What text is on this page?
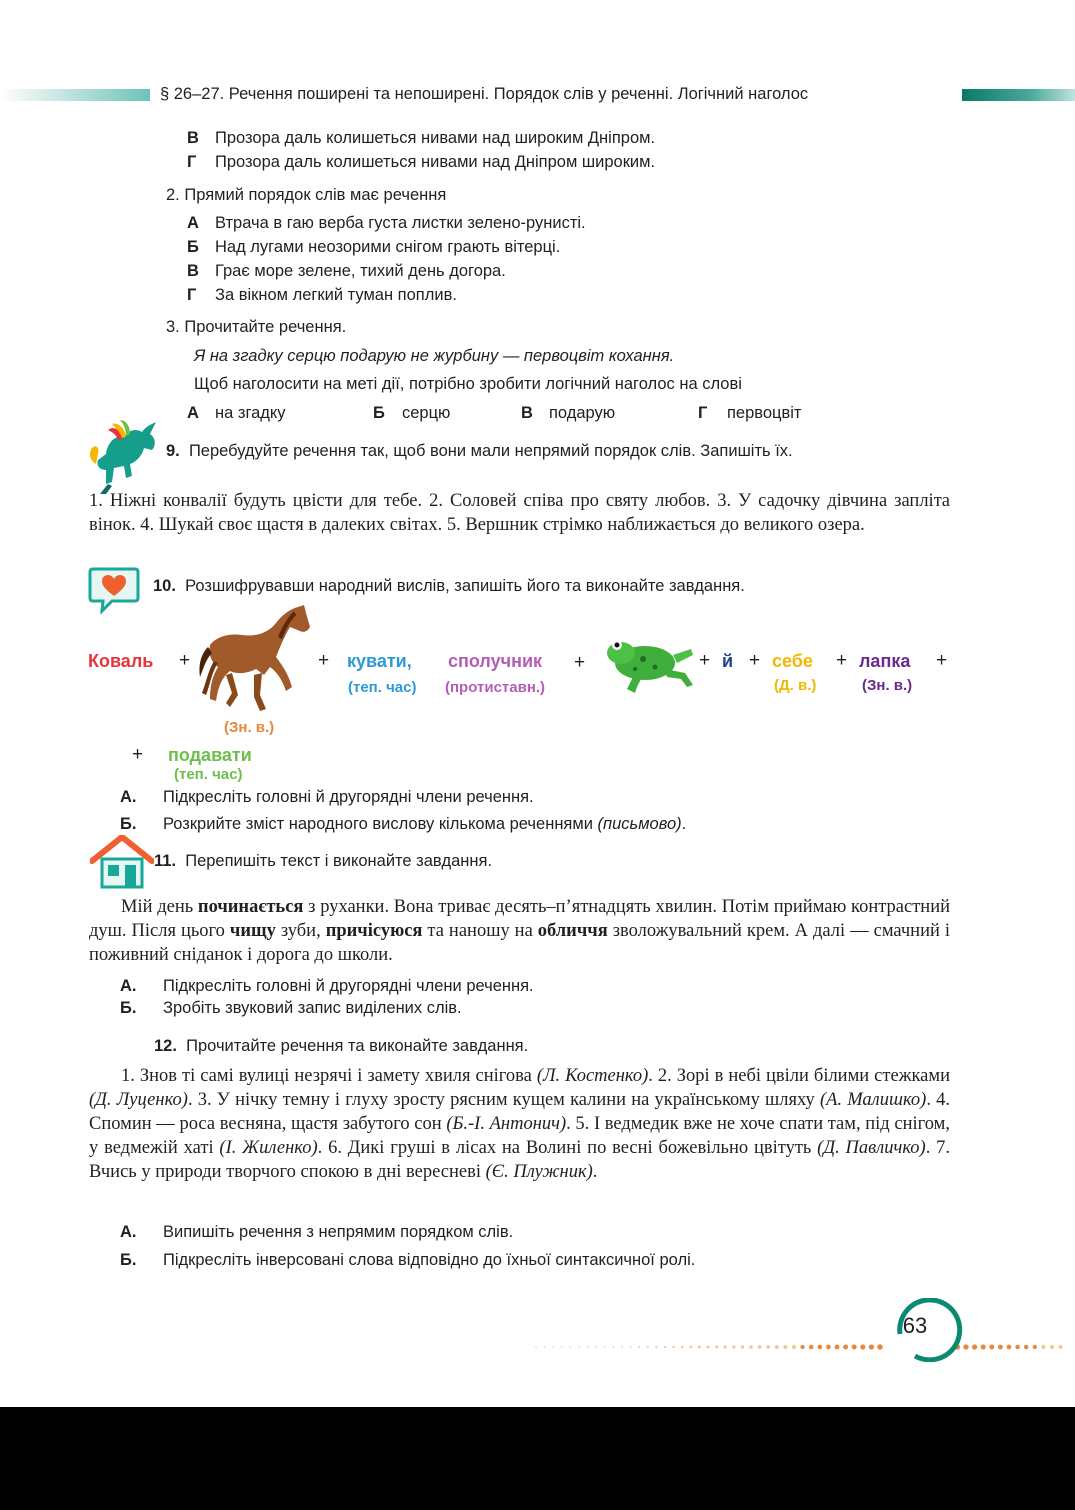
§ 26–27. Речення поширені та непоширені. Порядок слів у реченні. Логічний наголос
В Прозора даль колишеться нивами над широким Дніпром.
Г Прозора даль колишеться нивами над Дніпром широким.
2. Прямий порядок слів має речення
А Втрача в гаю верба густа листки зелено-рунисті.
Б Над лугами неозорими снігом грають вітерці.
В Грає море зелене, тихий день догора.
Г За вікном легкий туман поплив.
3. Прочитайте речення.
Я на згадку серцю подарую не журбину — первоцвіт кохання.
Щоб наголосити на меті дії, потрібно зробити логічний наголос на слові
А на згадку	Б серцю	В подарую	Г первоцвіт
9. Перебудуйте речення так, щоб вони мали непрямий порядок слів. Запишіть їх.
1. Ніжні конвалії будуть цвісти для тебе. 2. Соловей співа про святу любов. 3. У садочку дівчина заплітa вінок. 4. Шукай своє щастя в далеких світах. 5. Вершник стрімко наближається до великого озера.
10. Розшифрувавши народний вислів, запишіть його та виконайте завдання.
Коваль +
(Зн. в.)
+ кувати,
(теп. час)
сполучник
(протиставн.)
+	+ й + себе
(Д. в.)
+ лапка
(Зн. в.)
+
+ подавати
(теп. час)
А. Підкресліть головні й другорядні члени речення.
Б. Розкрийте зміст народного вислову кількома реченнями (письмово).
11. Перепишіть текст і виконайте завдання.
Мій день починається з руханки. Вона триває десять–п’ятнадцять хвилин. Потім приймаю контрастний душ. Після цього чищу зуби, причісуюся та наношу на обличчя зволожувальний крем. А далі — смачний і поживний сніданок і дорога до школи.
А. Підкресліть головні й другорядні члени речення.
Б. Зробіть звуковий запис виділених слів.
12. Прочитайте речення та виконайте завдання.
1. Знов ті самі вулиці незрячі і замету хвиля снігова (Л. Костенко). 2. Зорі в небі цвіли білими стежками (Д. Луценко). 3. У нічку темну і глуху зросту рясним кущем калини на українському шляху (А. Малишко). 4. Спомин — роса весняна, щастя забутого сон (Б.-І. Антонич). 5. І ведмедик вже не хоче спати там, під снігом, у ведмежій хаті (І. Жиленко). 6. Дикі груші в лісах на Волині по весні божевільно цвітуть (Д. Павличко). 7. Вчись у природи творчого спокою в дні вересневі (Є. Плужник).
А. Випишіть речення з непрямим порядком слів.
Б. Підкресліть інверсовані слова відповідно до їхньої синтаксичної ролі.
63
